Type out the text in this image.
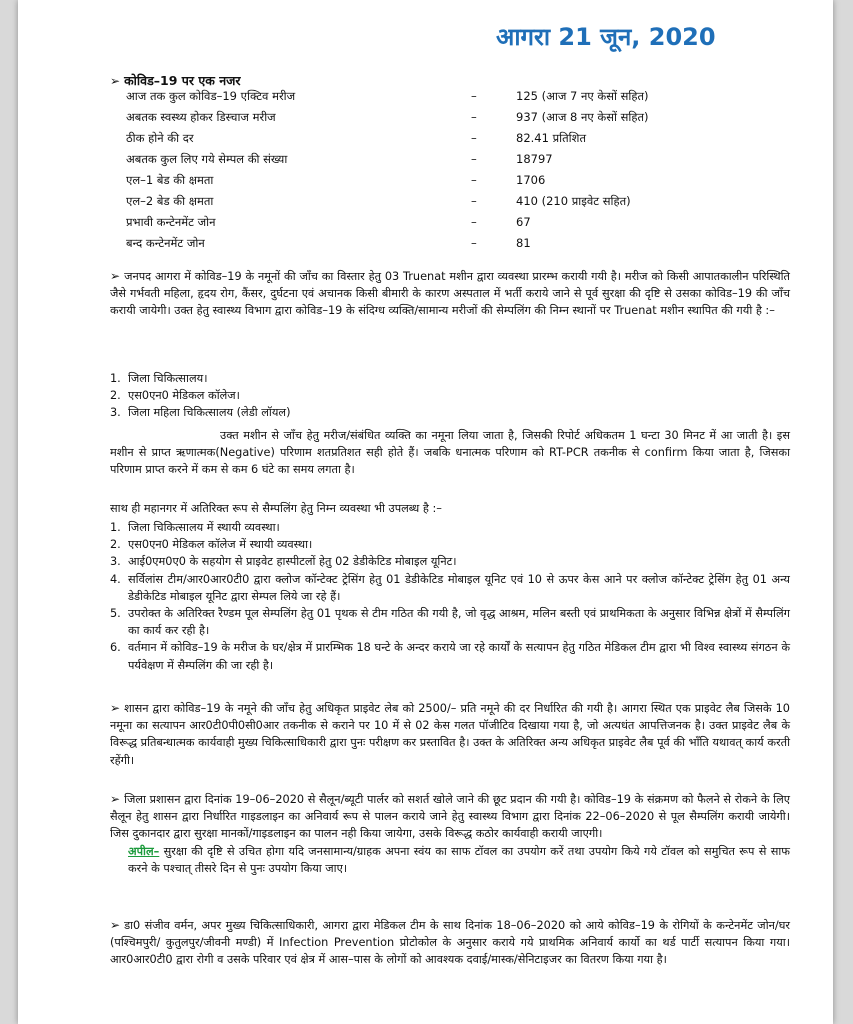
आगरा 21 जून, 2020
➢ कोविड–19 पर एक नजर
आज तक कुल कोविड–19 एक्टिव मरीज	–	125 (आज 7 नए केसों सहित)
अबतक स्वस्थ्य होकर डिस्चाज मरीज	–	937 (आज 8 नए केसों सहित)
ठीक होने की दर	–	82.41 प्रतिशित
अबतक कुल लिए गये सेम्पल की संख्या	–	18797
एल–1 बेड की क्षमता	–	1706
एल–2 बेड की क्षमता	–	410 (210 प्राइवेट सहित)
प्रभावी कन्टेनमेंट जोन	–	67
बन्द कन्टेनमेंट जोन	–	81

➢ जनपद आगरा में कोविड–19 के नमूनों की जाँच का विस्तार हेतु 03 Truenat मशीन द्वारा व्यवस्था प्रारम्भ करायी गयी है। मरीज को किसी आपातकालीन परिस्थिति जैसे गर्भवती महिला, हृदय रोग, कैंसर, दुर्घटना एवं अचानक किसी बीमारी के कारण अस्पताल में भर्ती कराये जाने से पूर्व सुरक्षा की दृष्टि से उसका कोविड–19 की जाँच करायी जायेगी। उक्त हेतु स्वास्थ्य विभाग द्वारा कोविड–19 के संदिग्ध व्यक्ति/सामान्य मरीजों की सेम्पलिंग की निम्न स्थानों पर Truenat मशीन स्थापित की गयी है :–

1. जिला चिकित्सालय।
2. एस0एन0 मेडिकल कॉलेज।
3. जिला महिला चिकित्सालय (लेडी लॉयल)
उक्त मशीन से जाँच हेतु मरीज/संबंधित व्यक्ति का नमूना लिया जाता है, जिसकी रिपोर्ट अधिकतम 1 घन्टा 30 मिनट में आ जाती है। इस मशीन से प्राप्त ऋणात्मक(Negative) परिणाम शतप्रतिशत सही होते हैं। जबकि धनात्मक परिणाम को RT-PCR तकनीक से confirm किया जाता है, जिसका परिणाम प्राप्त करने में कम से कम 6 घंटे का समय लगता है।
साथ ही महानगर में अतिरिक्त रूप से सैम्पलिंग हेतु निम्न व्यवस्था भी उपलब्ध है :–
1. जिला चिकित्सालय में स्थायी व्यवस्था।
2. एस0एन0 मेडिकल कॉलेज में स्थायी व्यवस्था।
3. आई0एम0ए0 के सहयोग से प्राइवेट हास्पीटलों हेतु 02 डेडीकेटिड मोबाइल यूनिट।
4. सर्विलांस टीम/आर0आर0टी0 द्वारा क्लोज कॉन्टेक्ट ट्रेसिंग हेतु 01 डेडीकेटिड मोबाइल यूनिट एवं 10 से ऊपर केस आने पर क्लोज कॉन्टेक्ट ट्रेसिंग हेतु 01 अन्य डेडीकेटिड मोबाइल यूनिट द्वारा सेम्पल लिये जा रहे हैं।
5. उपरोक्त के अतिरिक्त रैण्डम पूल सेम्पलिंग हेतु 01 पृथक से टीम गठित की गयी है, जो वृद्ध आश्रम, मलिन बस्ती एवं प्राथमिकता के अनुसार विभिन्न क्षेत्रों में सैम्पलिंग का कार्य कर रही है।
6. वर्तमान में कोविड–19 के मरीज के घर/क्षेत्र में प्रारम्भिक 18 घन्टे के अन्दर कराये जा रहे कार्यों के सत्यापन हेतु गठित मेडिकल टीम द्वारा भी विश्व स्वास्थ्य संगठन के पर्यवेक्षण में सैम्पलिंग की जा रही है।

➢ शासन द्वारा कोविड–19 के नमूने की जाँच हेतु अधिकृत प्राइवेट लेब को 2500/– प्रति नमूने की दर निर्धारित की गयी है। आगरा स्थित एक प्राइवेट लैब जिसके 10 नमूना का सत्यापन आर0टी0पी0सी0आर तकनीक से कराने पर 10 में से 02 केस गलत पॉजीटिव दिखाया गया है, जो अत्यधंत आपत्तिजनक है। उक्त प्राइवेट लैब के विरूद्ध प्रतिबन्धात्मक कार्यवाही मुख्य चिकित्साधिकारी द्वारा पुनः परीक्षण कर प्रस्तावित है। उक्त के अतिरिक्त अन्य अधिकृत प्राइवेट लैब पूर्व की भाँति यथावत् कार्य करती रहेंगी।

➢ जिला प्रशासन द्वारा दिनांक 19–06–2020 से सैलून/ब्यूटी पार्लर को सशर्त खोले जाने की छूट प्रदान की गयी है। कोविड–19 के संक्रमण को फैलने से रोकने के लिए सैलून हेतु शासन द्वारा निर्धारित गाइडलाइन का अनिवार्य रूप से पालन कराये जाने हेतु स्वास्थ्य विभाग द्वारा दिनांक 22–06–2020 से पूल सैम्पलिंग करायी जायेगी। जिस दुकानदार द्वारा सुरक्षा मानकों/गाइडलाइन का पालन नही किया जायेगा, उसके विरूद्ध कठोर कार्यवाही करायी जाएगी।

अपील– सुरक्षा की दृष्टि से उचित होगा यदि जनसामान्य/ग्राहक अपना स्वंय का साफ टॉवल का उपयोग करें तथा उपयोग किये गये टॉवल को समुचित रूप से साफ करने के पश्चात् तीसरे दिन से पुनः उपयोग किया जाए।

➢ डा0 संजीव वर्मन, अपर मुख्य चिकित्साधिकारी, आगरा द्वारा मेडिकल टीम के साथ दिनांक 18–06–2020 को आये कोविड–19 के रोगियों के कन्टेनमेंट जोन/घर (पश्चिमपुरी/ कुतुलपुर/जीवनी मण्डी) में Infection Prevention प्रोटोकोल के अनुसार कराये गये प्राथमिक अनिवार्य कार्यो का थर्ड पार्टी सत्यापन किया गया। आर0आर0टी0 द्वारा रोगी व उसके परिवार एवं क्षेत्र में आस–पास के लोगों को आवश्यक दवाई/मास्क/सेनिटाइजर का वितरण किया गया है।
